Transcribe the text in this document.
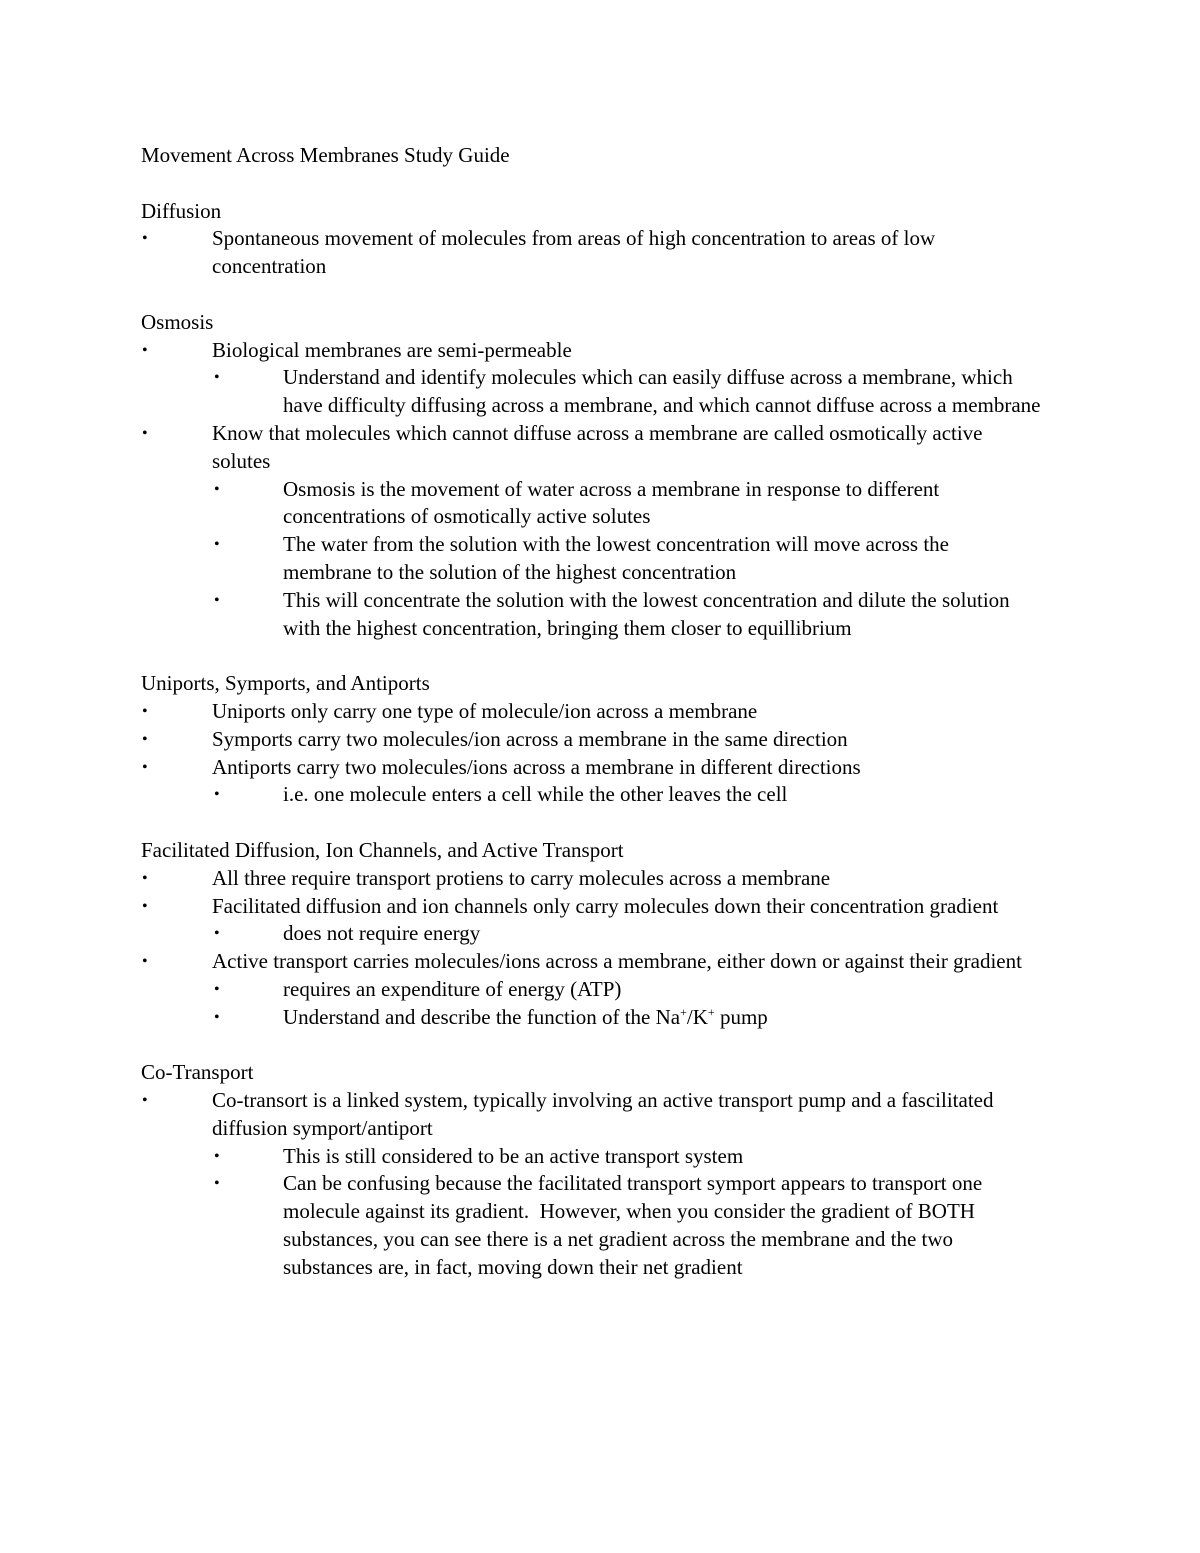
Movement Across Membranes Study Guide

Diffusion

•	Spontaneous movement of molecules from areas of high concentration to areas of low concentration

Osmosis

•	Biological membranes are semi-permeable

•	Understand and identify molecules which can easily diffuse across a membrane, which have difficulty diffusing across a membrane, and which cannot diffuse across a membrane

•	Know that molecules which cannot diffuse across a membrane are called osmotically active solutes

•	Osmosis is the movement of water across a membrane in response to different concentrations of osmotically active solutes

•	The water from the solution with the lowest concentration will move across the membrane to the solution of the highest concentration

•	This will concentrate the solution with the lowest concentration and dilute the solution with the highest concentration, bringing them closer to equillibrium

Uniports, Symports, and Antiports

•	Uniports only carry one type of molecule/ion across a membrane

•	Symports carry two molecules/ion across a membrane in the same direction

•	Antiports carry two molecules/ions across a membrane in different directions

•	i.e. one molecule enters a cell while the other leaves the cell

Facilitated Diffusion, Ion Channels, and Active Transport

•	All three require transport protiens to carry molecules across a membrane

•	Facilitated diffusion and ion channels only carry molecules down their concentration gradient

•	does not require energy

•	Active transport carries molecules/ions across a membrane, either down or against their gradient

•	requires an expenditure of energy (ATP)

•	Understand and describe the function of the Na+/K+ pump

Co-Transport

•	Co-transort is a linked system, typically involving an active transport pump and a fascilitated diffusion symport/antiport

•	This is still considered to be an active transport system

•	Can be confusing because the facilitated transport symport appears to transport one molecule against its gradient.  However, when you consider the gradient of BOTH substances, you can see there is a net gradient across the membrane and the two substances are, in fact, moving down their net gradient
